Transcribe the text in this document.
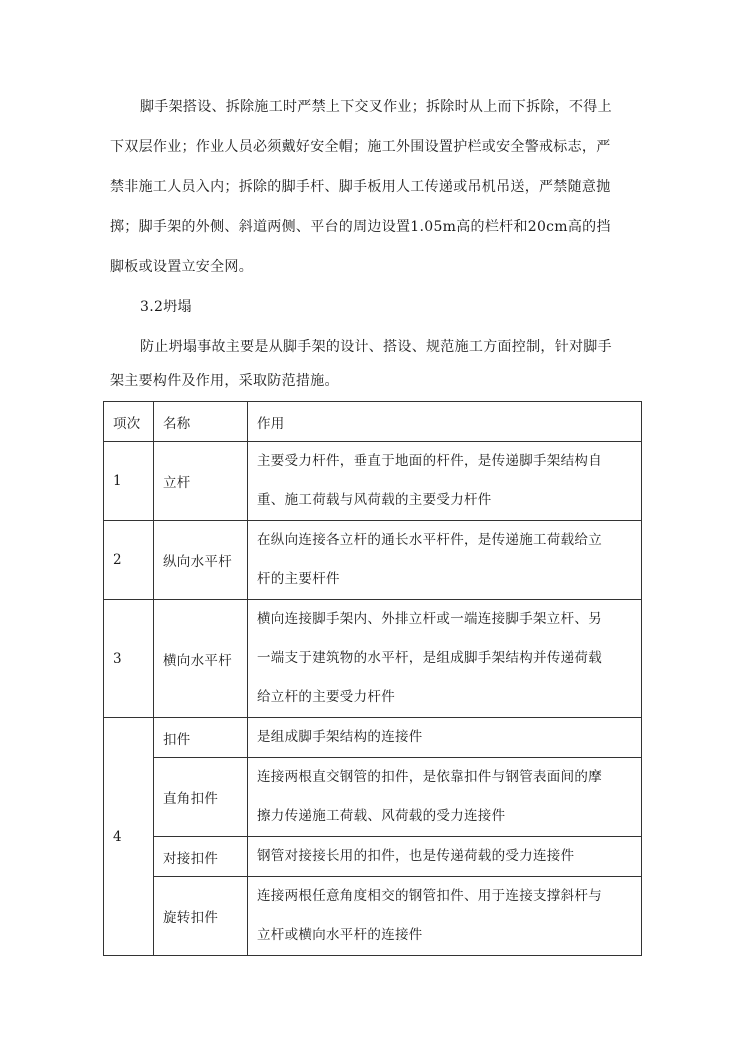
脚手架搭设、拆除施工时严禁上下交叉作业；拆除时从上而下拆除，不得上
下双层作业；作业人员必须戴好安全帽；施工外围设置护栏或安全警戒标志，严
禁非施工人员入内；拆除的脚手杆、脚手板用人工传递或吊机吊送，严禁随意抛
掷；脚手架的外侧、斜道两侧、平台的周边设置1.05m高的栏杆和20cm高的挡
脚板或设置立安全网。
3.2坍塌
防止坍塌事故主要是从脚手架的设计、搭设、规范施工方面控制，针对脚手
架主要构件及作用，采取防范措施。
项次	名称	作用
1	立杆	主要受力杆件，垂直于地面的杆件，是传递脚手架结构自
重、施工荷载与风荷载的主要受力杆件

2	纵向水平杆	在纵向连接各立杆的通长水平杆件，是传递施工荷载给立
杆的主要杆件

3	横向水平杆	横向连接脚手架内、外排立杆或一端连接脚手架立杆、另
一端支于建筑物的水平杆，是组成脚手架结构并传递荷载
给立杆的主要受力杆件

4	扣件	是组成脚手架结构的连接件

	直角扣件	连接两根直交钢管的扣件，是依靠扣件与钢管表面间的摩
擦力传递施工荷载、风荷载的受力连接件

	对接扣件	钢管对接接长用的扣件，也是传递荷载的受力连接件

	旋转扣件	连接两根任意角度相交的钢管扣件、用于连接支撑斜杆与
立杆或横向水平杆的连接件
